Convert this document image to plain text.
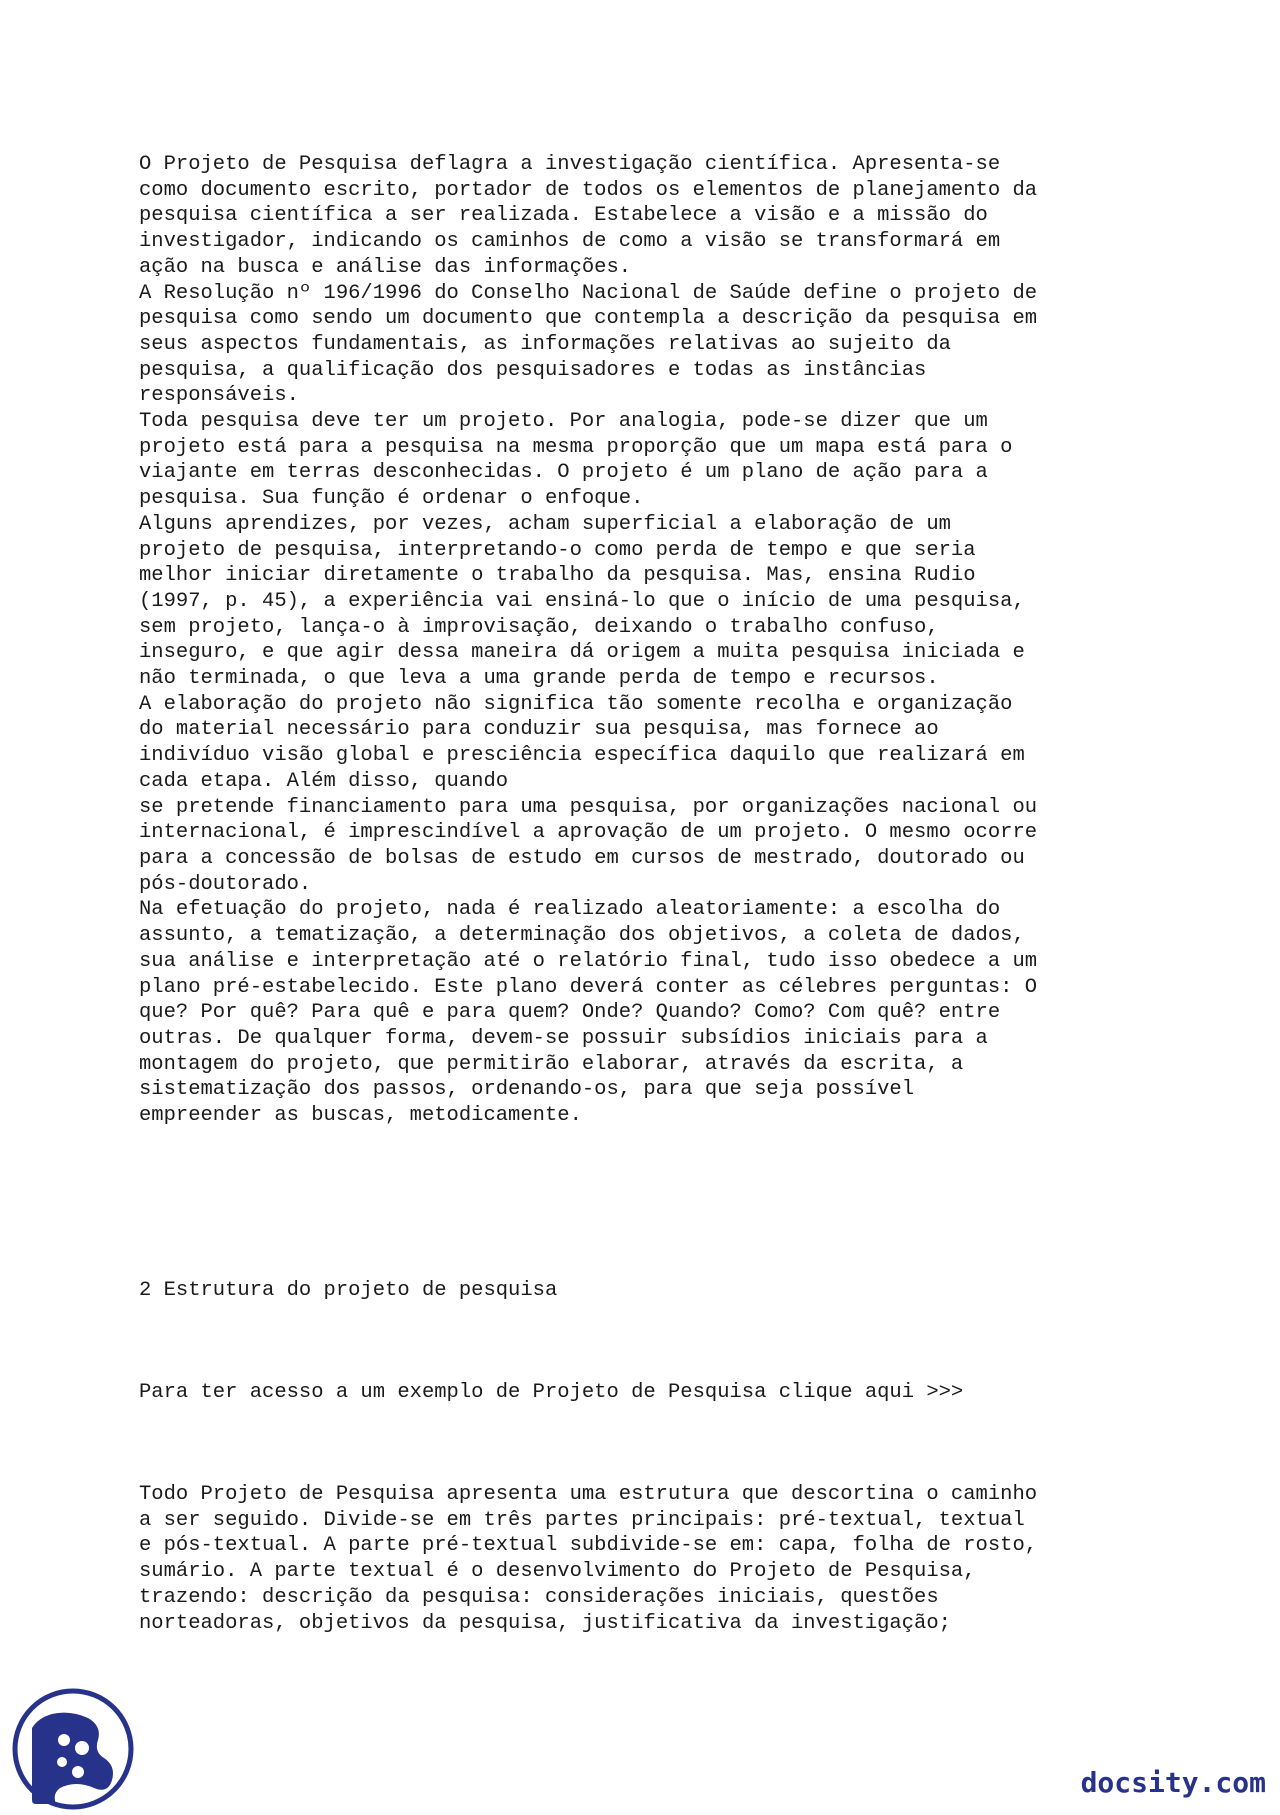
O Projeto de Pesquisa deflagra a investigação científica. Apresenta-se
como documento escrito, portador de todos os elementos de planejamento da
pesquisa científica a ser realizada. Estabelece a visão e a missão do
investigador, indicando os caminhos de como a visão se transformará em
ação na busca e análise das informações.

A Resolução nº 196/1996 do Conselho Nacional de Saúde define o projeto de
pesquisa como sendo um documento que contempla a descrição da pesquisa em
seus aspectos fundamentais, as informações relativas ao sujeito da
pesquisa, a qualificação dos pesquisadores e todas as instâncias
responsáveis.

Toda pesquisa deve ter um projeto. Por analogia, pode-se dizer que um
projeto está para a pesquisa na mesma proporção que um mapa está para o
viajante em terras desconhecidas. O projeto é um plano de ação para a
pesquisa. Sua função é ordenar o enfoque.

Alguns aprendizes, por vezes, acham superficial a elaboração de um
projeto de pesquisa, interpretando-o como perda de tempo e que seria
melhor iniciar diretamente o trabalho da pesquisa. Mas, ensina Rudio
(1997, p. 45), a experiência vai ensiná-lo que o início de uma pesquisa,
sem projeto, lança-o à improvisação, deixando o trabalho confuso,
inseguro, e que agir dessa maneira dá origem a muita pesquisa iniciada e
não terminada, o que leva a uma grande perda de tempo e recursos.

A elaboração do projeto não significa tão somente recolha e organização
do material necessário para conduzir sua pesquisa, mas fornece ao
indivíduo visão global e presciência específica daquilo que realizará em
cada etapa. Além disso, quando
se pretende financiamento para uma pesquisa, por organizações nacional ou
internacional, é imprescindível a aprovação de um projeto. O mesmo ocorre
para a concessão de bolsas de estudo em cursos de mestrado, doutorado ou
pós-doutorado.

Na efetuação do projeto, nada é realizado aleatoriamente: a escolha do
assunto, a tematização, a determinação dos objetivos, a coleta de dados,
sua análise e interpretação até o relatório final, tudo isso obedece a um
plano pré-estabelecido. Este plano deverá conter as célebres perguntas: O
que? Por quê? Para quê e para quem? Onde? Quando? Como? Com quê? entre
outras. De qualquer forma, devem-se possuir subsídios iniciais para a
montagem do projeto, que permitirão elaborar, através da escrita, a
sistematização dos passos, ordenando-os, para que seja possível
empreender as buscas, metodicamente.

2 Estrutura do projeto de pesquisa

Para ter acesso a um exemplo de Projeto de Pesquisa clique aqui >>>

Todo Projeto de Pesquisa apresenta uma estrutura que descortina o caminho
a ser seguido. Divide-se em três partes principais: pré-textual, textual
e pós-textual. A parte pré-textual subdivide-se em: capa, folha de rosto,
sumário. A parte textual é o desenvolvimento do Projeto de Pesquisa,
trazendo: descrição da pesquisa: considerações iniciais, questões
norteadoras, objetivos da pesquisa, justificativa da investigação;

docsity.com
